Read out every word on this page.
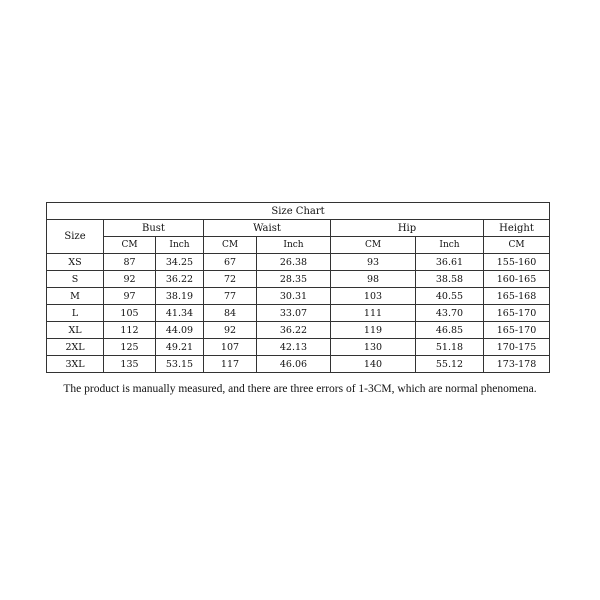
Size Chart							
Size	Bust		Waist		Hip		Height
	CM	Inch	CM	Inch	CM	Inch	CM
XS	87	34.25	67	26.38	93	36.61	155-160
S	92	36.22	72	28.35	98	38.58	160-165
M	97	38.19	77	30.31	103	40.55	165-168
L	105	41.34	84	33.07	111	43.70	165-170
XL	112	44.09	92	36.22	119	46.85	165-170
2XL	125	49.21	107	42.13	130	51.18	170-175
3XL	135	53.15	117	46.06	140	55.12	173-178
The product is manually measured, and there are three errors of 1-3CM, which are normal phenomena.
